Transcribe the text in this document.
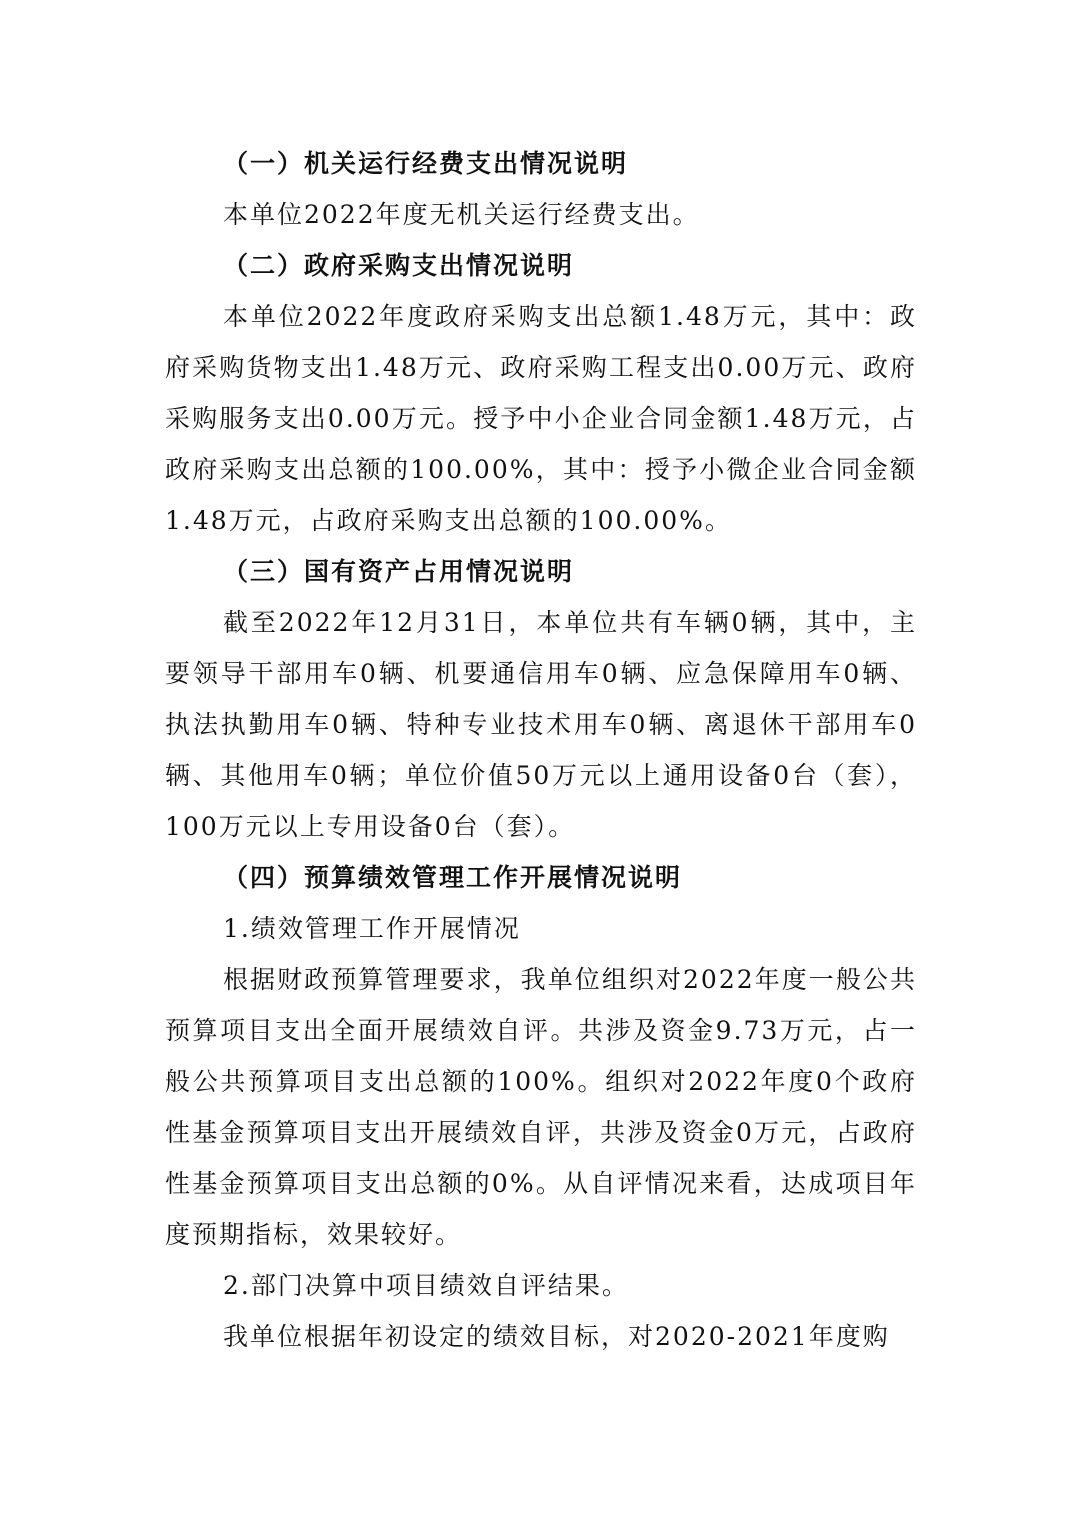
（一）机关运行经费支出情况说明
本单位2022年度无机关运行经费支出。
（二）政府采购支出情况说明
本单位2022年度政府采购支出总额1.48万元，其中：政府采购货物支出1.48万元、政府采购工程支出0.00万元、政府采购服务支出0.00万元。授予中小企业合同金额1.48万元，占政府采购支出总额的100.00%，其中：授予小微企业合同金额1.48万元，占政府采购支出总额的100.00%。
（三）国有资产占用情况说明
截至2022年12月31日，本单位共有车辆0辆，其中，主要领导干部用车0辆、机要通信用车0辆、应急保障用车0辆、执法执勤用车0辆、特种专业技术用车0辆、离退休干部用车0辆、其他用车0辆；单位价值50万元以上通用设备0台（套），100万元以上专用设备0台（套）。
（四）预算绩效管理工作开展情况说明
1.绩效管理工作开展情况
根据财政预算管理要求，我单位组织对2022年度一般公共预算项目支出全面开展绩效自评。共涉及资金9.73万元，占一般公共预算项目支出总额的100%。组织对2022年度0个政府性基金预算项目支出开展绩效自评，共涉及资金0万元，占政府性基金预算项目支出总额的0%。从自评情况来看，达成项目年度预期指标，效果较好。
2.部门决算中项目绩效自评结果。
我单位根据年初设定的绩效目标，对2020-2021年度购
